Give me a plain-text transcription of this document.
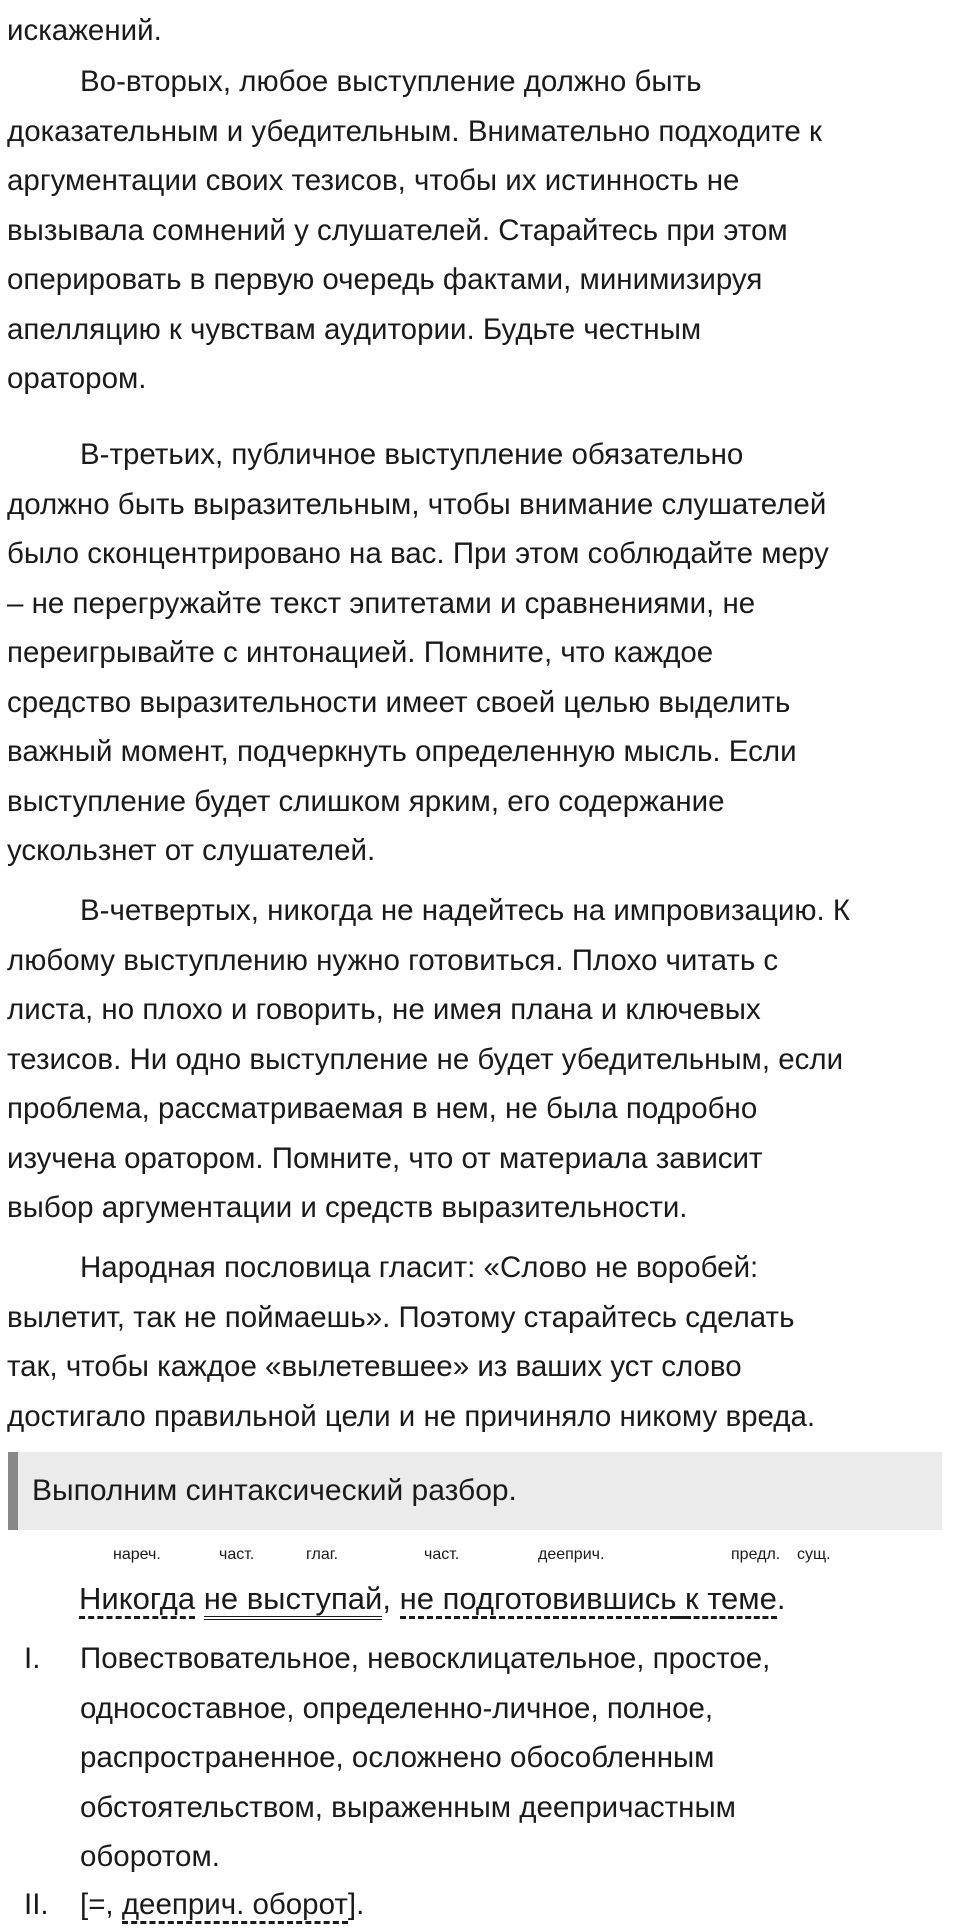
искажений.

Во-вторых, любое выступление должно быть
доказательным и убедительным. Внимательно подходите к
аргументации своих тезисов, чтобы их истинность не
вызывала сомнений у слушателей. Старайтесь при этом
оперировать в первую очередь фактами, минимизируя
апелляцию к чувствам аудитории. Будьте честным
оратором.

В-третьих, публичное выступление обязательно
должно быть выразительным, чтобы внимание слушателей
было сконцентрировано на вас. При этом соблюдайте меру
– не перегружайте текст эпитетами и сравнениями, не
переигрывайте с интонацией. Помните, что каждое
средство выразительности имеет своей целью выделить
важный момент, подчеркнуть определенную мысль. Если
выступление будет слишком ярким, его содержание
ускользнет от слушателей.

В-четвертых, никогда не надейтесь на импровизацию. К
любому выступлению нужно готовиться. Плохо читать с
листа, но плохо и говорить, не имея плана и ключевых
тезисов. Ни одно выступление не будет убедительным, если
проблема, рассматриваемая в нем, не была подробно
изучена оратором. Помните, что от материала зависит
выбор аргументации и средств выразительности.

Народная пословица гласит: «Слово не воробей:
вылетит, так не поймаешь». Поэтому старайтесь сделать
так, чтобы каждое «вылетевшее» из ваших уст слово
достигало правильной цели и не причиняло никому вреда.

Выполним синтаксический разбор.
нареч.	част.	глаг.	част.	дееприч.	предл. сущ.
Никогда не выступай, не подготовившись к теме.
I. Повествовательное, невосклицательное, простое,
односоставное, определенно-личное, полное,
распространенное, осложнено обособленным
обстоятельством, выраженным деепричастным
оборотом.
II. [=, дееприч. оборот].
